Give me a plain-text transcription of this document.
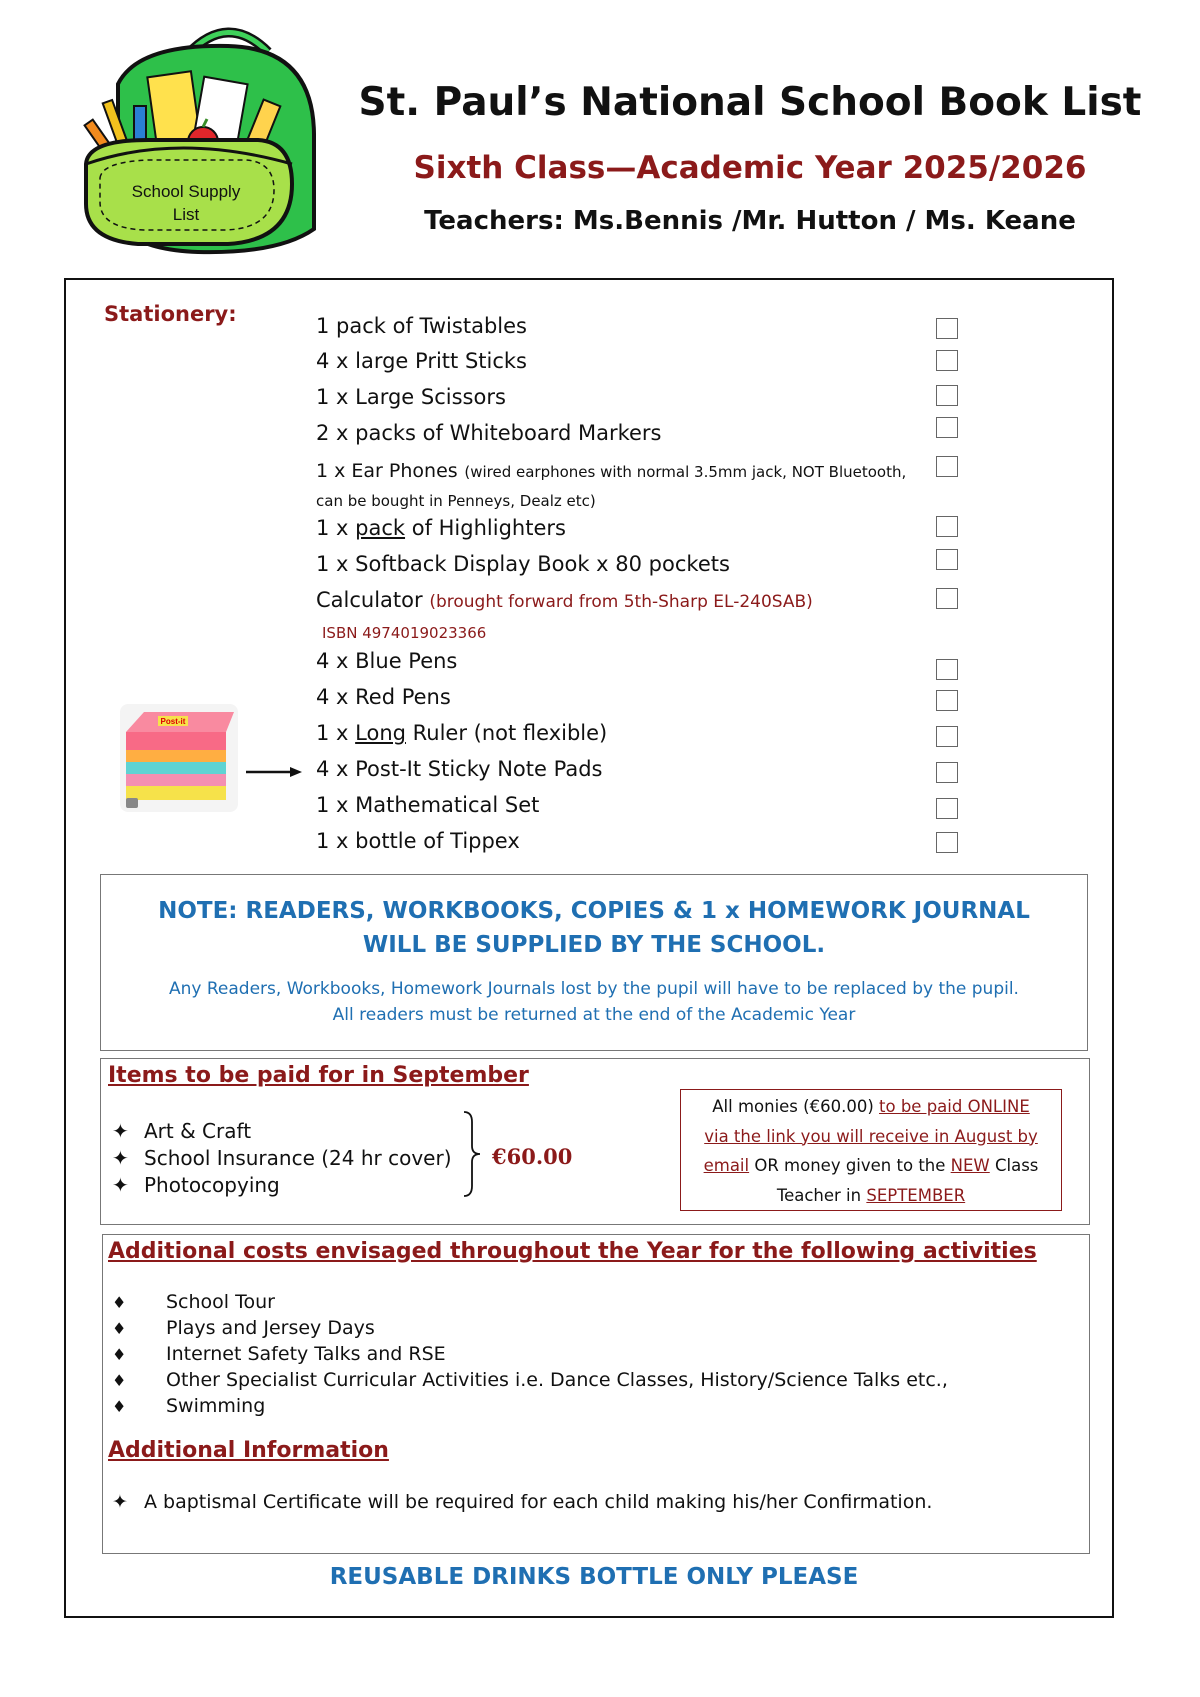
School Supply
List
St. Paul’s National School Book List
Sixth Class—Academic Year 2025/2026
Teachers: Ms.Bennis /Mr. Hutton / Ms. Keane
Stationery:	1 pack of Twistables
4 x large Pritt Sticks
1 x Large Scissors
2 x packs of Whiteboard Markers
1 x Ear Phones (wired earphones with normal 3.5mm jack, NOT Bluetooth,
can be bought in Penneys, Dealz etc)
1 x pack of Highlighters
1 x Softback Display Book x 80 pockets
Calculator (brought forward from 5th-Sharp EL-240SAB)
ISBN 4974019023366
4 x Blue Pens
4 x Red Pens
1 x Long Ruler (not flexible)
4 x Post-It Sticky Note Pads
1 x Mathematical Set
1 x bottle of Tippex
Post-it
NOTE: READERS, WORKBOOKS, COPIES & 1 x HOMEWORK JOURNAL
WILL BE SUPPLIED BY THE SCHOOL.
Any Readers, Workbooks, Homework Journals lost by the pupil will have to be replaced by the pupil.
All readers must be returned at the end of the Academic Year
Items to be paid for in September
✦ Art & Craft
✦ School Insurance (24 hr cover)
✦ Photocopying
€60.00
All monies (€60.00) to be paid ONLINE
via the link you will receive in August by
email OR money given to the NEW Class
Teacher in SEPTEMBER
Additional costs envisaged throughout the Year for the following activities
♦ School Tour
♦ Plays and Jersey Days
♦ Internet Safety Talks and RSE
♦ Other Specialist Curricular Activities i.e. Dance Classes, History/Science Talks etc.,
♦ Swimming
Additional Information
✦ A baptismal Certificate will be required for each child making his/her Confirmation.
REUSABLE DRINKS BOTTLE ONLY PLEASE
